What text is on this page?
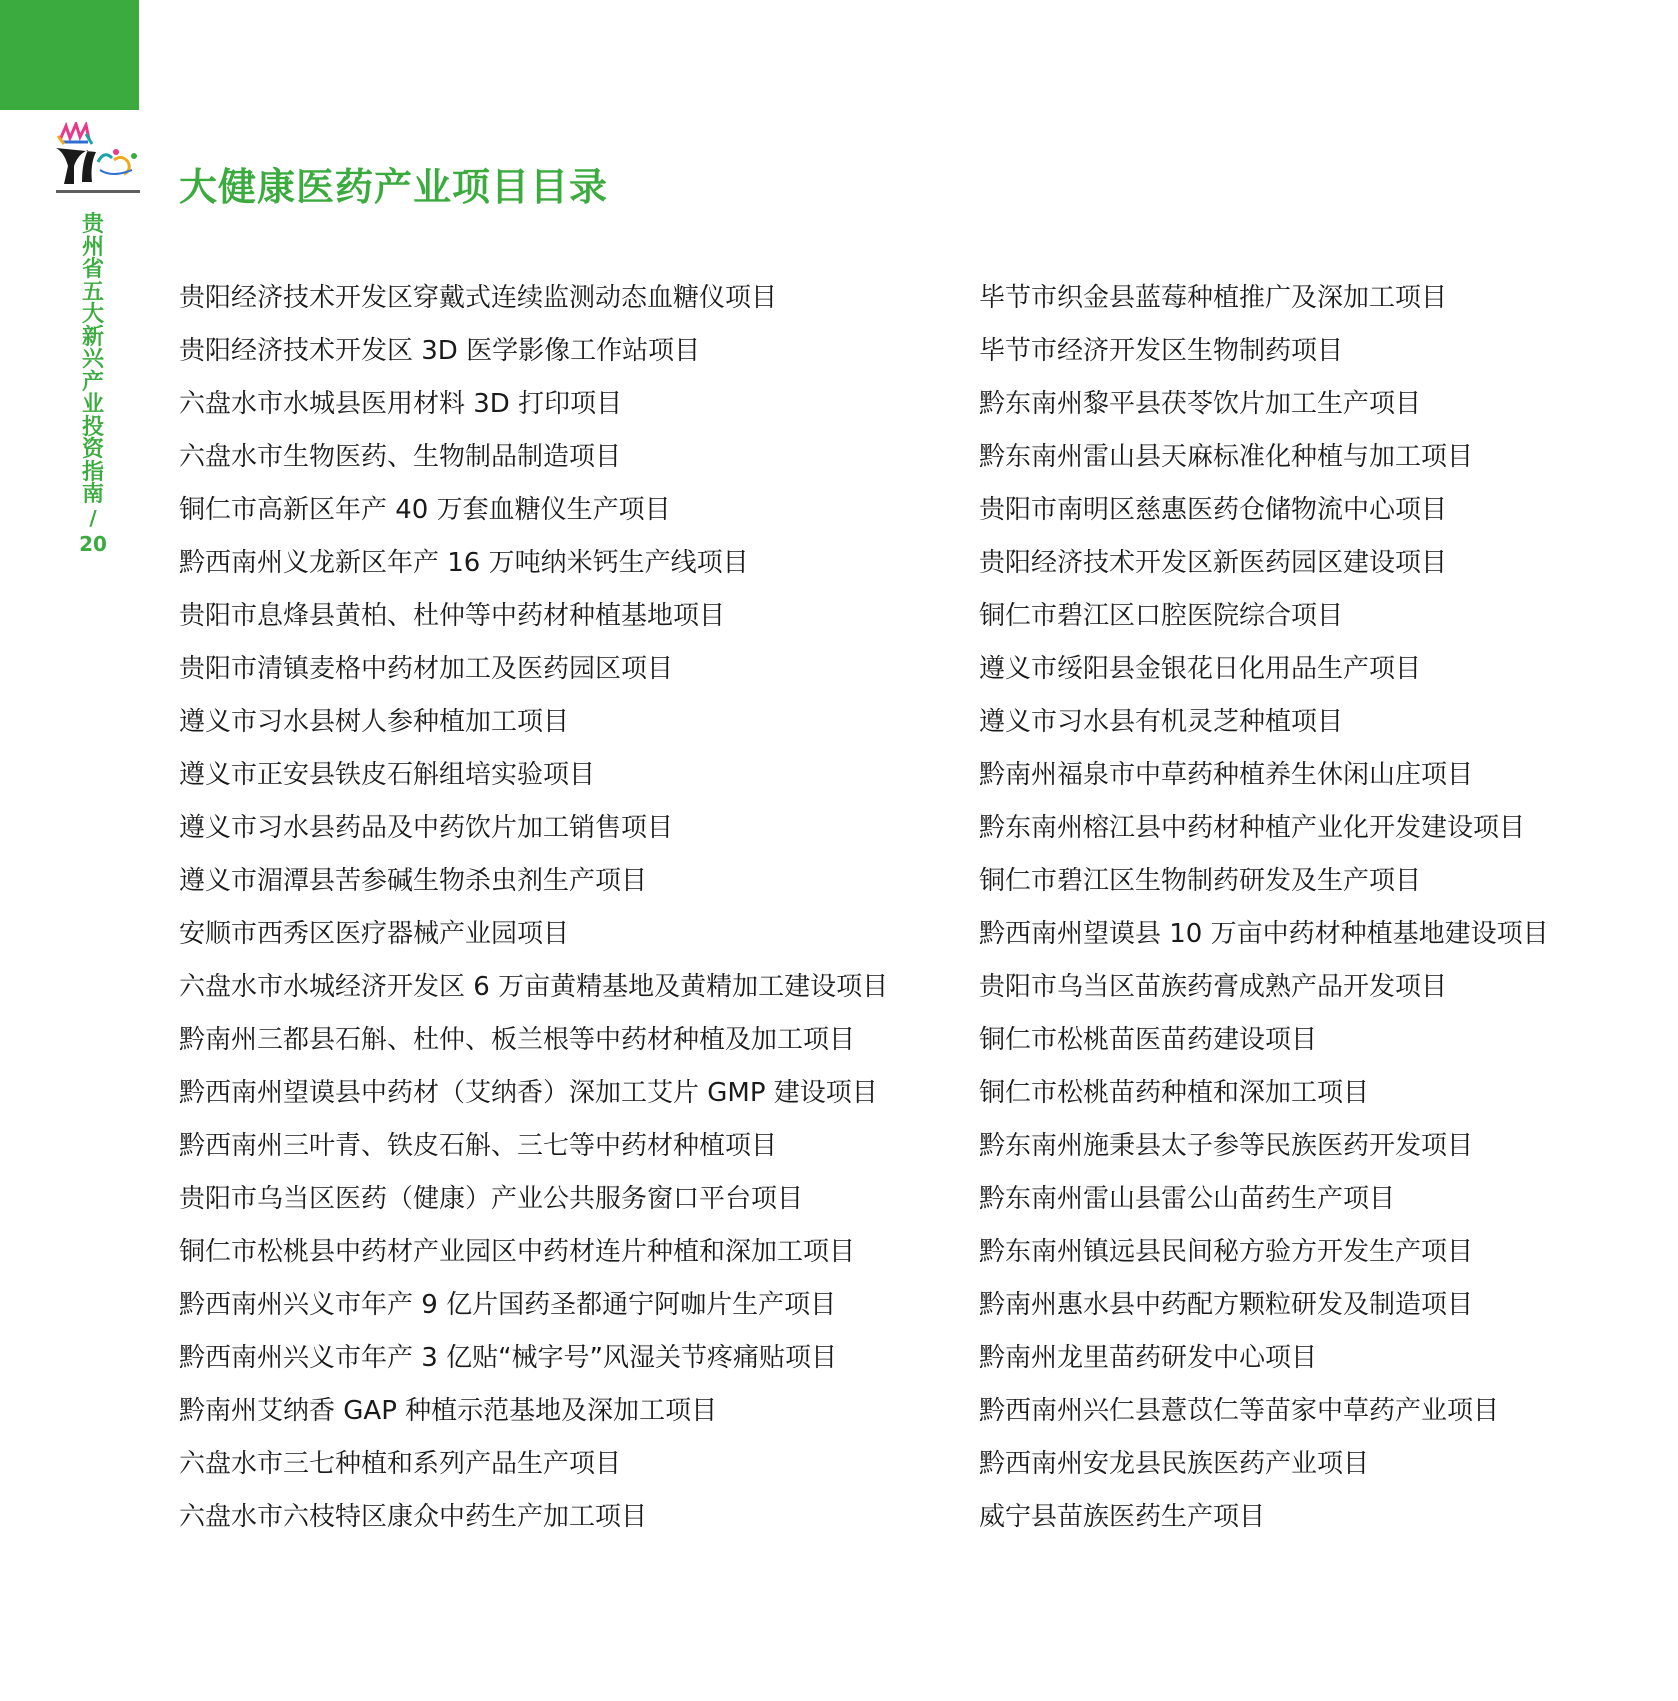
贵
州
省
五
大
新
兴
产
业
投
资
指
南
/
20
大健康医药产业项目目录
贵阳经济技术开发区穿戴式连续监测动态血糖仪项目
贵阳经济技术开发区 3D 医学影像工作站项目
六盘水市水城县医用材料 3D 打印项目
六盘水市生物医药、生物制品制造项目
铜仁市高新区年产 40 万套血糖仪生产项目
黔西南州义龙新区年产 16 万吨纳米钙生产线项目
贵阳市息烽县黄柏、杜仲等中药材种植基地项目
贵阳市清镇麦格中药材加工及医药园区项目
遵义市习水县树人参种植加工项目
遵义市正安县铁皮石斛组培实验项目
遵义市习水县药品及中药饮片加工销售项目
遵义市湄潭县苦参碱生物杀虫剂生产项目
安顺市西秀区医疗器械产业园项目
六盘水市水城经济开发区 6 万亩黄精基地及黄精加工建设项目
黔南州三都县石斛、杜仲、板兰根等中药材种植及加工项目
黔西南州望谟县中药材（艾纳香）深加工艾片 GMP 建设项目
黔西南州三叶青、铁皮石斛、三七等中药材种植项目
贵阳市乌当区医药（健康）产业公共服务窗口平台项目
铜仁市松桃县中药材产业园区中药材连片种植和深加工项目
黔西南州兴义市年产 9 亿片国药圣都通宁阿咖片生产项目
黔西南州兴义市年产 3 亿贴“械字号”风湿关节疼痛贴项目
黔南州艾纳香 GAP 种植示范基地及深加工项目
六盘水市三七种植和系列产品生产项目
六盘水市六枝特区康众中药生产加工项目
毕节市织金县蓝莓种植推广及深加工项目
毕节市经济开发区生物制药项目
黔东南州黎平县茯苓饮片加工生产项目
黔东南州雷山县天麻标准化种植与加工项目
贵阳市南明区慈惠医药仓储物流中心项目
贵阳经济技术开发区新医药园区建设项目
铜仁市碧江区口腔医院综合项目
遵义市绥阳县金银花日化用品生产项目
遵义市习水县有机灵芝种植项目
黔南州福泉市中草药种植养生休闲山庄项目
黔东南州榕江县中药材种植产业化开发建设项目
铜仁市碧江区生物制药研发及生产项目
黔西南州望谟县 10 万亩中药材种植基地建设项目
贵阳市乌当区苗族药膏成熟产品开发项目
铜仁市松桃苗医苗药建设项目
铜仁市松桃苗药种植和深加工项目
黔东南州施秉县太子参等民族医药开发项目
黔东南州雷山县雷公山苗药生产项目
黔东南州镇远县民间秘方验方开发生产项目
黔南州惠水县中药配方颗粒研发及制造项目
黔南州龙里苗药研发中心项目
黔西南州兴仁县薏苡仁等苗家中草药产业项目
黔西南州安龙县民族医药产业项目
威宁县苗族医药生产项目
